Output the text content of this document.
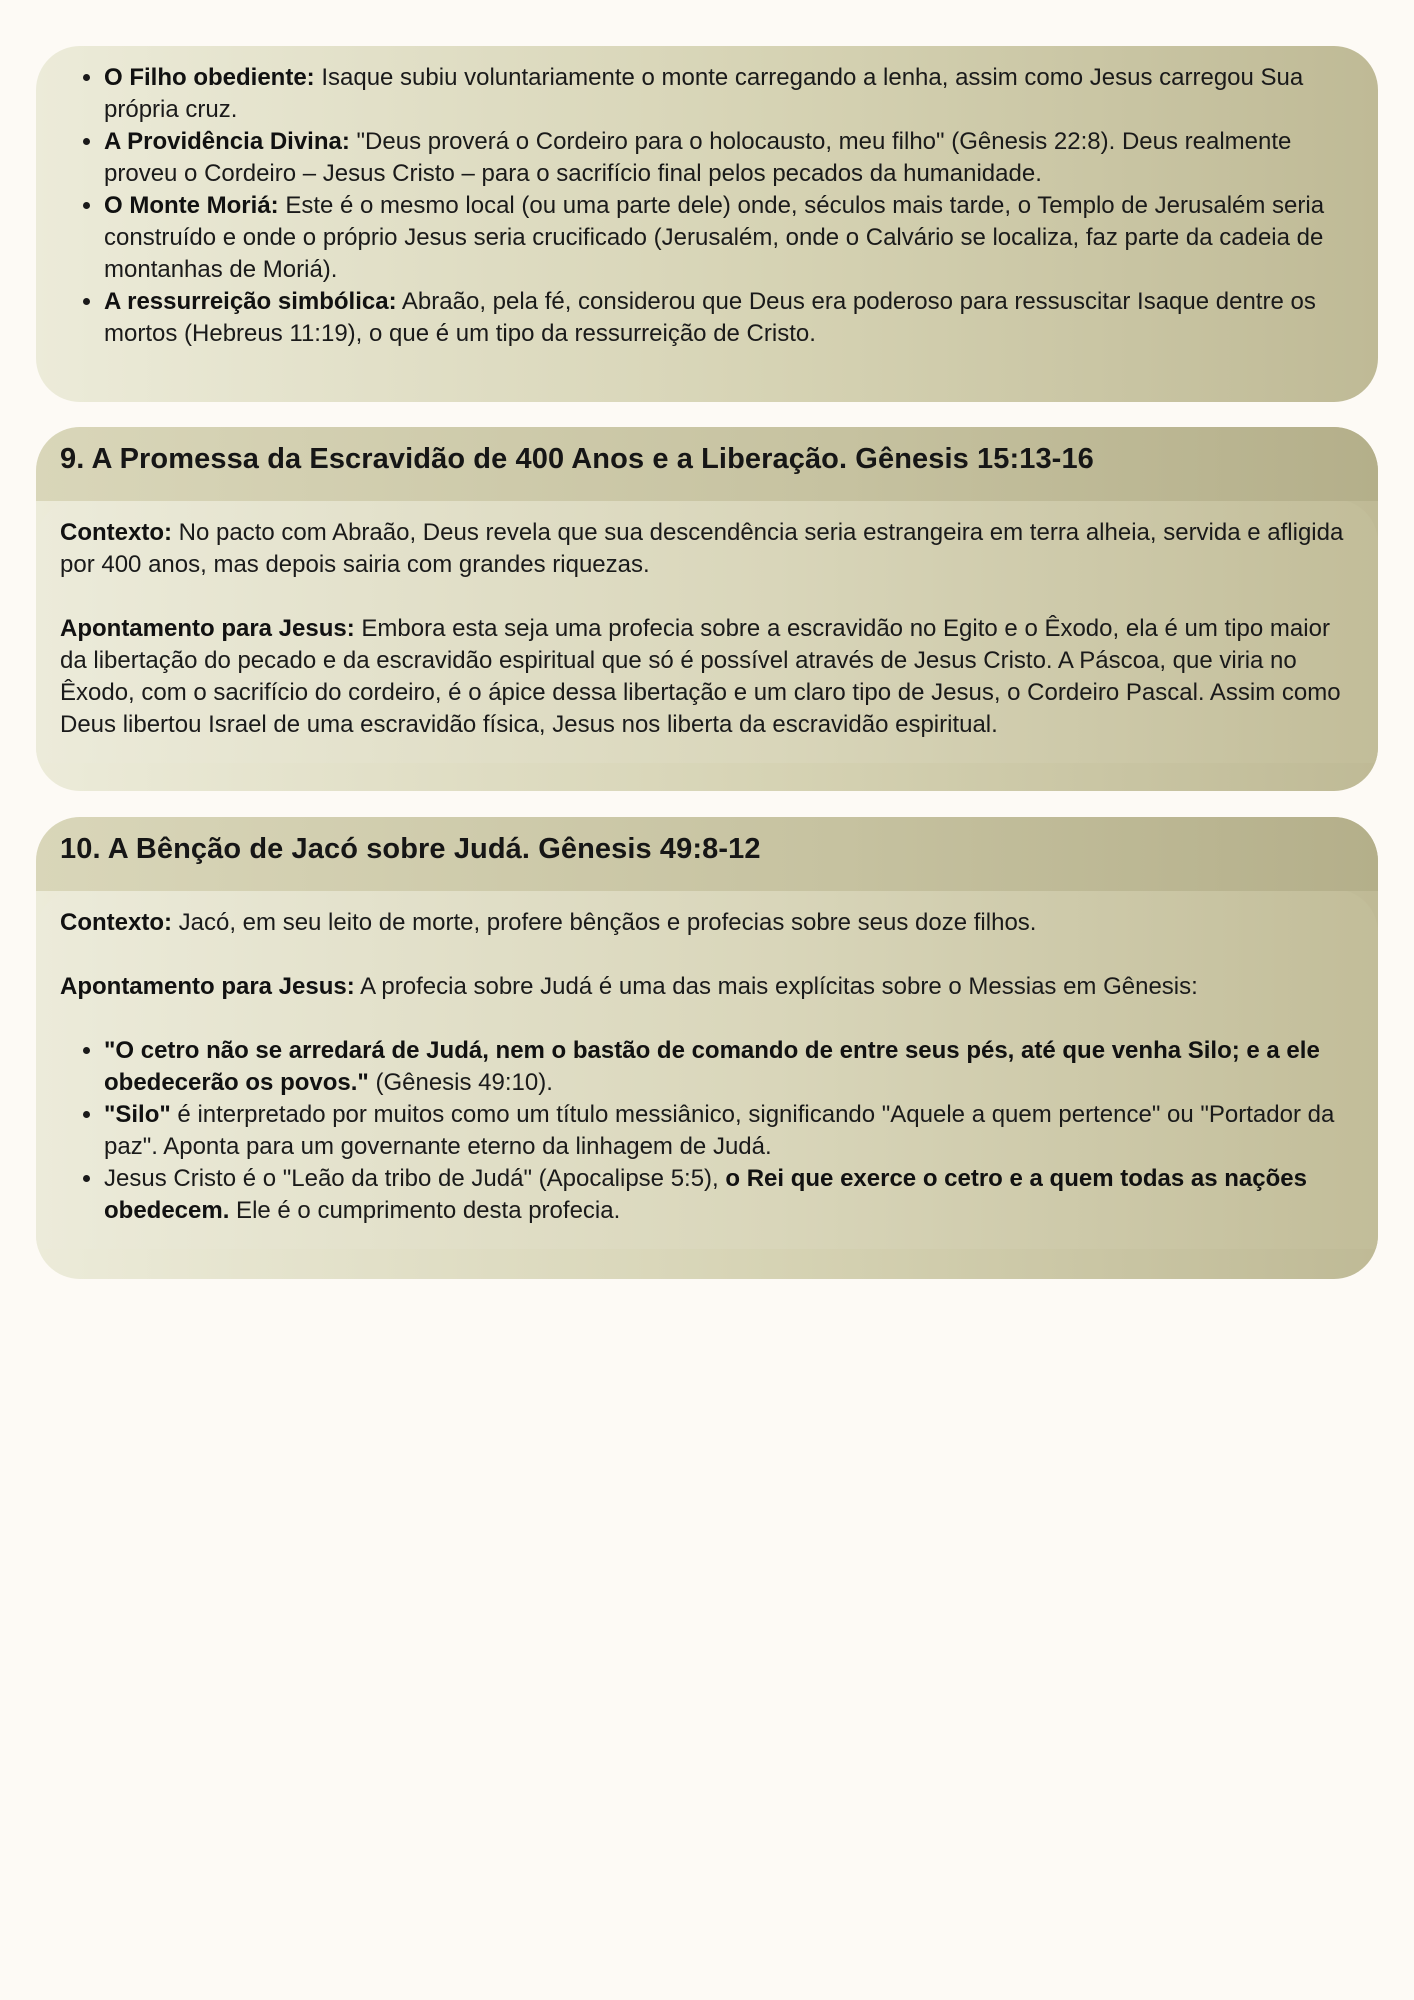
• O Filho obediente: Isaque subiu voluntariamente o monte carregando a lenha, assim como Jesus carregou Sua própria cruz.
• A Providência Divina: "Deus proverá o Cordeiro para o holocausto, meu filho" (Gênesis 22:8). Deus realmente proveu o Cordeiro – Jesus Cristo – para o sacrifício final pelos pecados da humanidade.
• O Monte Moriá: Este é o mesmo local (ou uma parte dele) onde, séculos mais tarde, o Templo de Jerusalém seria construído e onde o próprio Jesus seria crucificado (Jerusalém, onde o Calvário se localiza, faz parte da cadeia de montanhas de Moriá).
• A ressurreição simbólica: Abraão, pela fé, considerou que Deus era poderoso para ressuscitar Isaque dentre os mortos (Hebreus 11:19), o que é um tipo da ressurreição de Cristo.
9. A Promessa da Escravidão de 400 Anos e a Liberação. Gênesis 15:13-16

Contexto: No pacto com Abraão, Deus revela que sua descendência seria estrangeira em terra alheia, servida e afligida por 400 anos, mas depois sairia com grandes riquezas.

Apontamento para Jesus: Embora esta seja uma profecia sobre a escravidão no Egito e o Êxodo, ela é um tipo maior da libertação do pecado e da escravidão espiritual que só é possível através de Jesus Cristo. A Páscoa, que viria no Êxodo, com o sacrifício do cordeiro, é o ápice dessa libertação e um claro tipo de Jesus, o Cordeiro Pascal. Assim como Deus libertou Israel de uma escravidão física, Jesus nos liberta da escravidão espiritual.

10. A Bênção de Jacó sobre Judá. Gênesis 49:8-12

Contexto: Jacó, em seu leito de morte, profere bênçãos e profecias sobre seus doze filhos.

Apontamento para Jesus: A profecia sobre Judá é uma das mais explícitas sobre o Messias em Gênesis:

• "O cetro não se arredará de Judá, nem o bastão de comando de entre seus pés, até que venha Silo; e a ele obedecerão os povos." (Gênesis 49:10).
• "Silo" é interpretado por muitos como um título messiânico, significando "Aquele a quem pertence" ou "Portador da paz". Aponta para um governante eterno da linhagem de Judá.
• Jesus Cristo é o "Leão da tribo de Judá" (Apocalipse 5:5), o Rei que exerce o cetro e a quem todas as nações obedecem. Ele é o cumprimento desta profecia.
